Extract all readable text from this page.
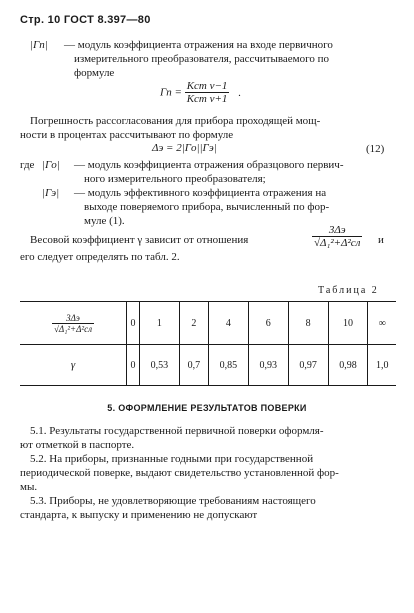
Стр. 10 ГОСТ 8.397—80
|Γп| — модуль коэффициента отражения на входе первичного
измерительного преобразователя, рассчитываемого по
формуле
$\Gamma п = \frac{\text{Kст ν−1}}{\text{Kст ν+1}}$ .
Погрешность рассогласования для прибора проходящей мощ-
ности в процентах рассчитывают по формуле
Δэ = 2|Γо||Γэ|	(12)
где |Γо| — модуль коэффициента отражения образцового первич-
ного измерительного преобразователя;
|Γэ| — модуль эффективного коэффициента отражения на
выходе поверяемого прибора, вычисленный по фор-
муле (1).
Весовой коэффициент γ зависит от отношения	$\frac{3\Delta э}{\text{√Δ₁²+Δ²сл}}$ и
его следует определять по табл. 2.
Таблица 2
$\frac{3\Delta э}{\text{√Δ₁²+Δ²сл}}$	0	1	2	4	6	8	10	∞
γ	0	0,53	0,7	0,85	0,93	0,97	0,98	1,0
5. ОФОРМЛЕНИЕ РЕЗУЛЬТАТОВ ПОВЕРКИ
5.1. Результаты государственной первичной поверки оформля-
ют отметкой в паспорте.
5.2. На приборы, признанные годными при государственной
периодической поверке, выдают свидетельство установленной фор-
мы.
5.3. Приборы, не удовлетворяющие требованиям настоящего
стандарта, к выпуску и применению не допускают
